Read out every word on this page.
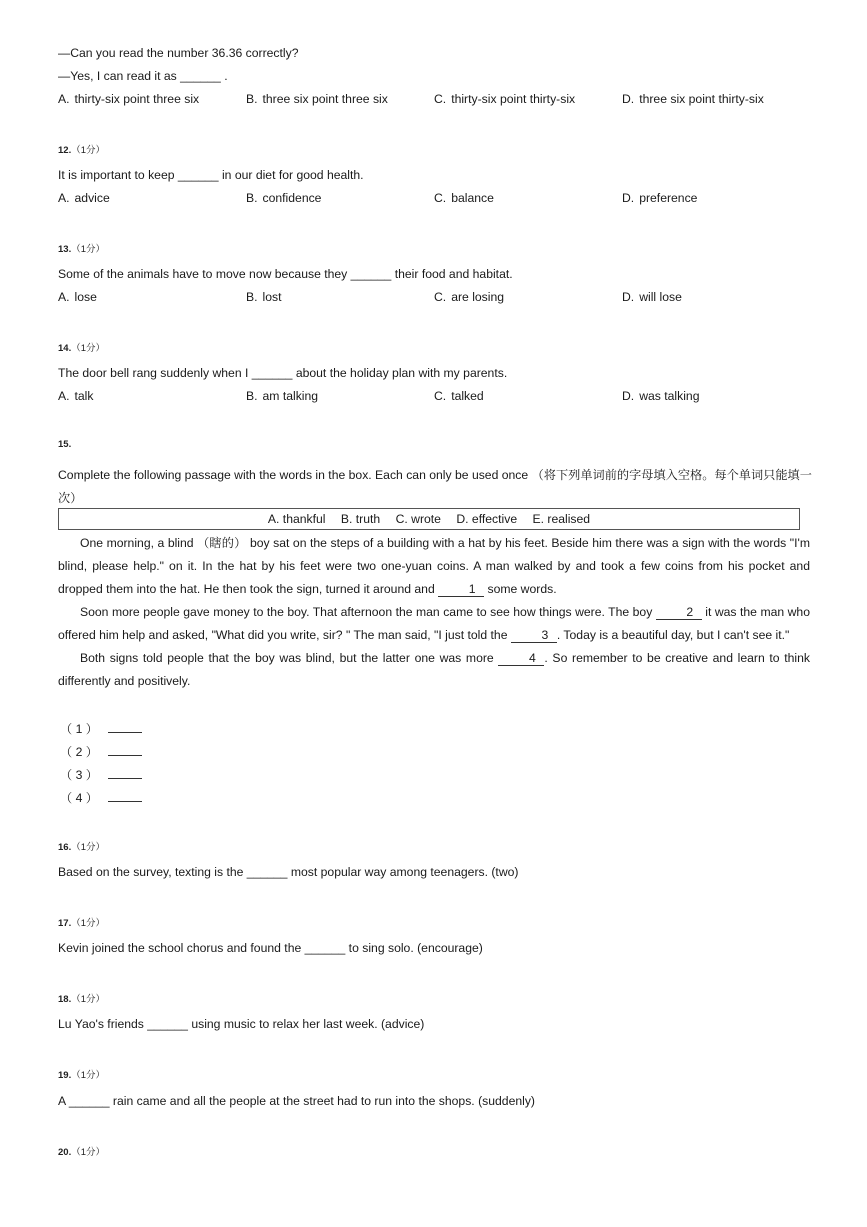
—Can you read the number 36.36 correctly?
—Yes, I can read it as ______ .
A. thirty-six point three six	B. three six point three six	C. thirty-six point thirty-six	D. three six point thirty-six
12.（1分）
It is important to keep ______ in our diet for good health.
A. advice	B. confidence	C. balance	D. preference
13.（1分）
Some of the animals have to move now because they ______ their food and habitat.
A. lose	B. lost	C. are losing	D. will lose
14.（1分）
The door bell rang suddenly when I ______ about the holiday plan with my parents.
A. talk	B. am talking	C. talked	D. was talking
15.
Complete the following passage with the words in the box. Each can only be used once （将下列单词前的字母填入空格。每个单词只能填一
次）
A. thankful B. truth C. wrote D. effective E. realised

One morning, a blind （瞎的） boy sat on the steps of a building with a hat by his feet. Beside him there was a sign with the words "I'm blind, please help." on it. In the hat by his feet were two one-yuan coins. A man walked by and took a few coins from his pocket and dropped them into the hat. He then took the sign, turned it around and	1 some words.

Soon more people gave money to the boy. That afternoon the man came to see how things were. The boy	2 it was the man who offered him help and asked, "What did you write, sir? " The man said, "I just told the	3 . Today is a beautiful day, but I can't see it."

Both signs told people that the boy was blind, but the latter one was more	4 . So remember to be creative and learn to think differently and positively.

（ 1 ）
（ 2 ）
（ 3 ）
（ 4 ）
16.（1分）
Based on the survey, texting is the ______ most popular way among teenagers. (two)
17.（1分）
Kevin joined the school chorus and found the ______ to sing solo. (encourage)
18.（1分）
Lu Yao's friends ______ using music to relax her last week. (advice)
19.（1分）
A ______ rain came and all the people at the street had to run into the shops. (suddenly)
20.（1分）
